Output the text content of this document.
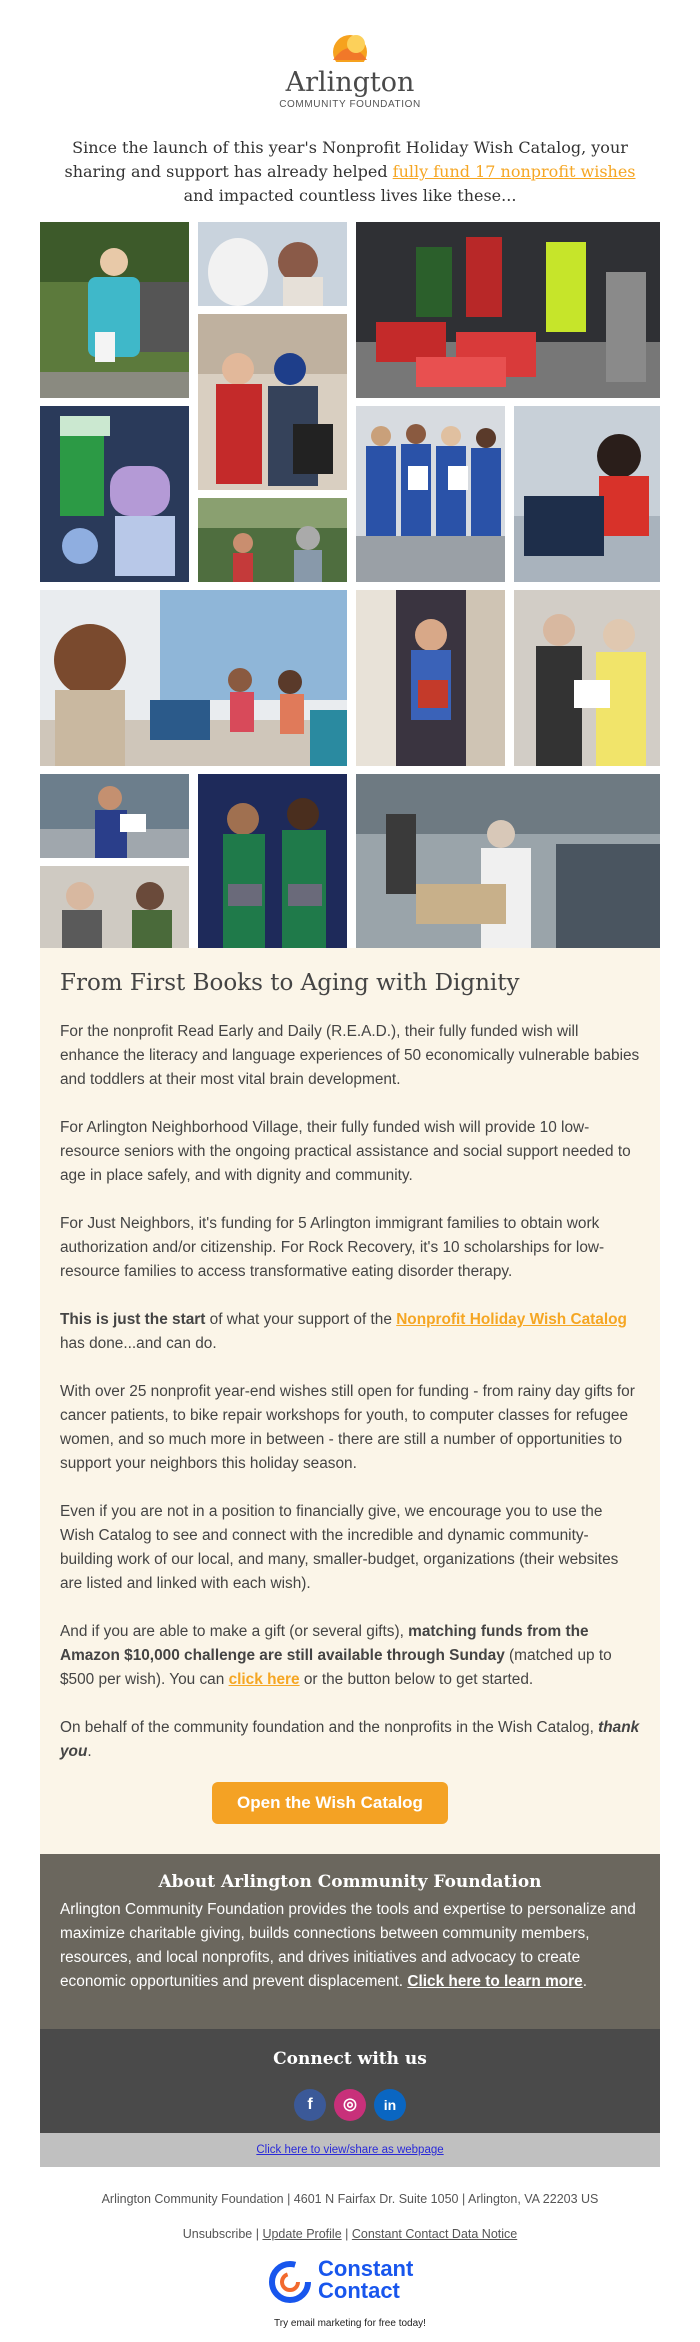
Arlington
COMMUNITY FOUNDATION
Since the launch of this year's Nonprofit Holiday Wish Catalog, your sharing and support has already helped fully fund 17 nonprofit wishes and impacted countless lives like these...
From First Books to Aging with Dignity

For the nonprofit Read Early and Daily (R.E.A.D.), their fully funded wish will enhance the literacy and language experiences of 50 economically vulnerable babies and toddlers at their most vital brain development.

For Arlington Neighborhood Village, their fully funded wish will provide 10 low-resource seniors with the ongoing practical assistance and social support needed to age in place safely, and with dignity and community.

For Just Neighbors, it's funding for 5 Arlington immigrant families to obtain work authorization and/or citizenship. For Rock Recovery, it's 10 scholarships for low-resource families to access transformative eating disorder therapy.

This is just the start of what your support of the Nonprofit Holiday Wish Catalog has done...and can do.

With over 25 nonprofit year-end wishes still open for funding - from rainy day gifts for cancer patients, to bike repair workshops for youth, to computer classes for refugee women, and so much more in between - there are still a number of opportunities to support your neighbors this holiday season.

Even if you are not in a position to financially give, we encourage you to use the Wish Catalog to see and connect with the incredible and dynamic community-building work of our local, and many, smaller-budget, organizations (their websites are listed and linked with each wish).

And if you are able to make a gift (or several gifts), matching funds from the Amazon $10,000 challenge are still available through Sunday (matched up to $500 per wish). You can click here or the button below to get started.

On behalf of the community foundation and the nonprofits in the Wish Catalog, thank you.

Open the Wish Catalog
About Arlington Community Foundation
Arlington Community Foundation provides the tools and expertise to personalize and maximize charitable giving, builds connections between community members, resources, and local nonprofits, and drives initiatives and advocacy to create economic opportunities and prevent displacement. Click here to learn more.
Connect with us
f	◎	in
Click here to view/share as webpage
Arlington Community Foundation | 4601 N Fairfax Dr. Suite 1050 | Arlington, VA 22203 US
Unsubscribe | Update Profile | Constant Contact Data Notice
Constant
Contact
Try email marketing for free today!
